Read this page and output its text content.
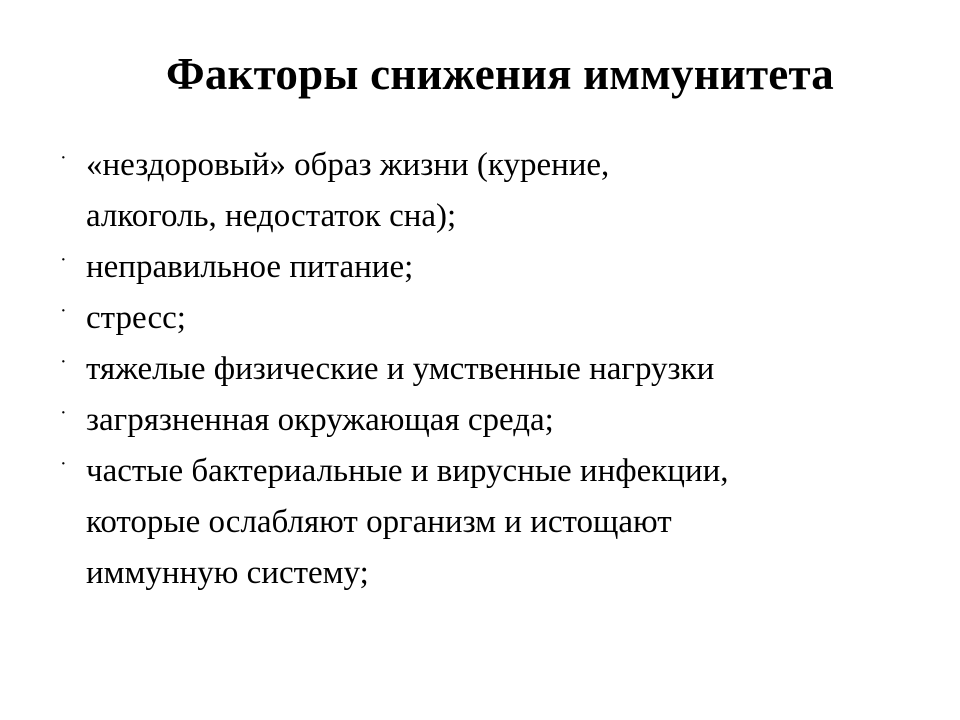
Факторы снижения иммунитета
· «нездоровый» образ жизни (курение,
алкоголь, недостаток сна);
· неправильное питание;
· стресс;
· тяжелые физические и умственные нагрузки
· загрязненная окружающая среда;
· частые бактериальные и вирусные инфекции,
которые ослабляют организм и истощают
иммунную систему;
